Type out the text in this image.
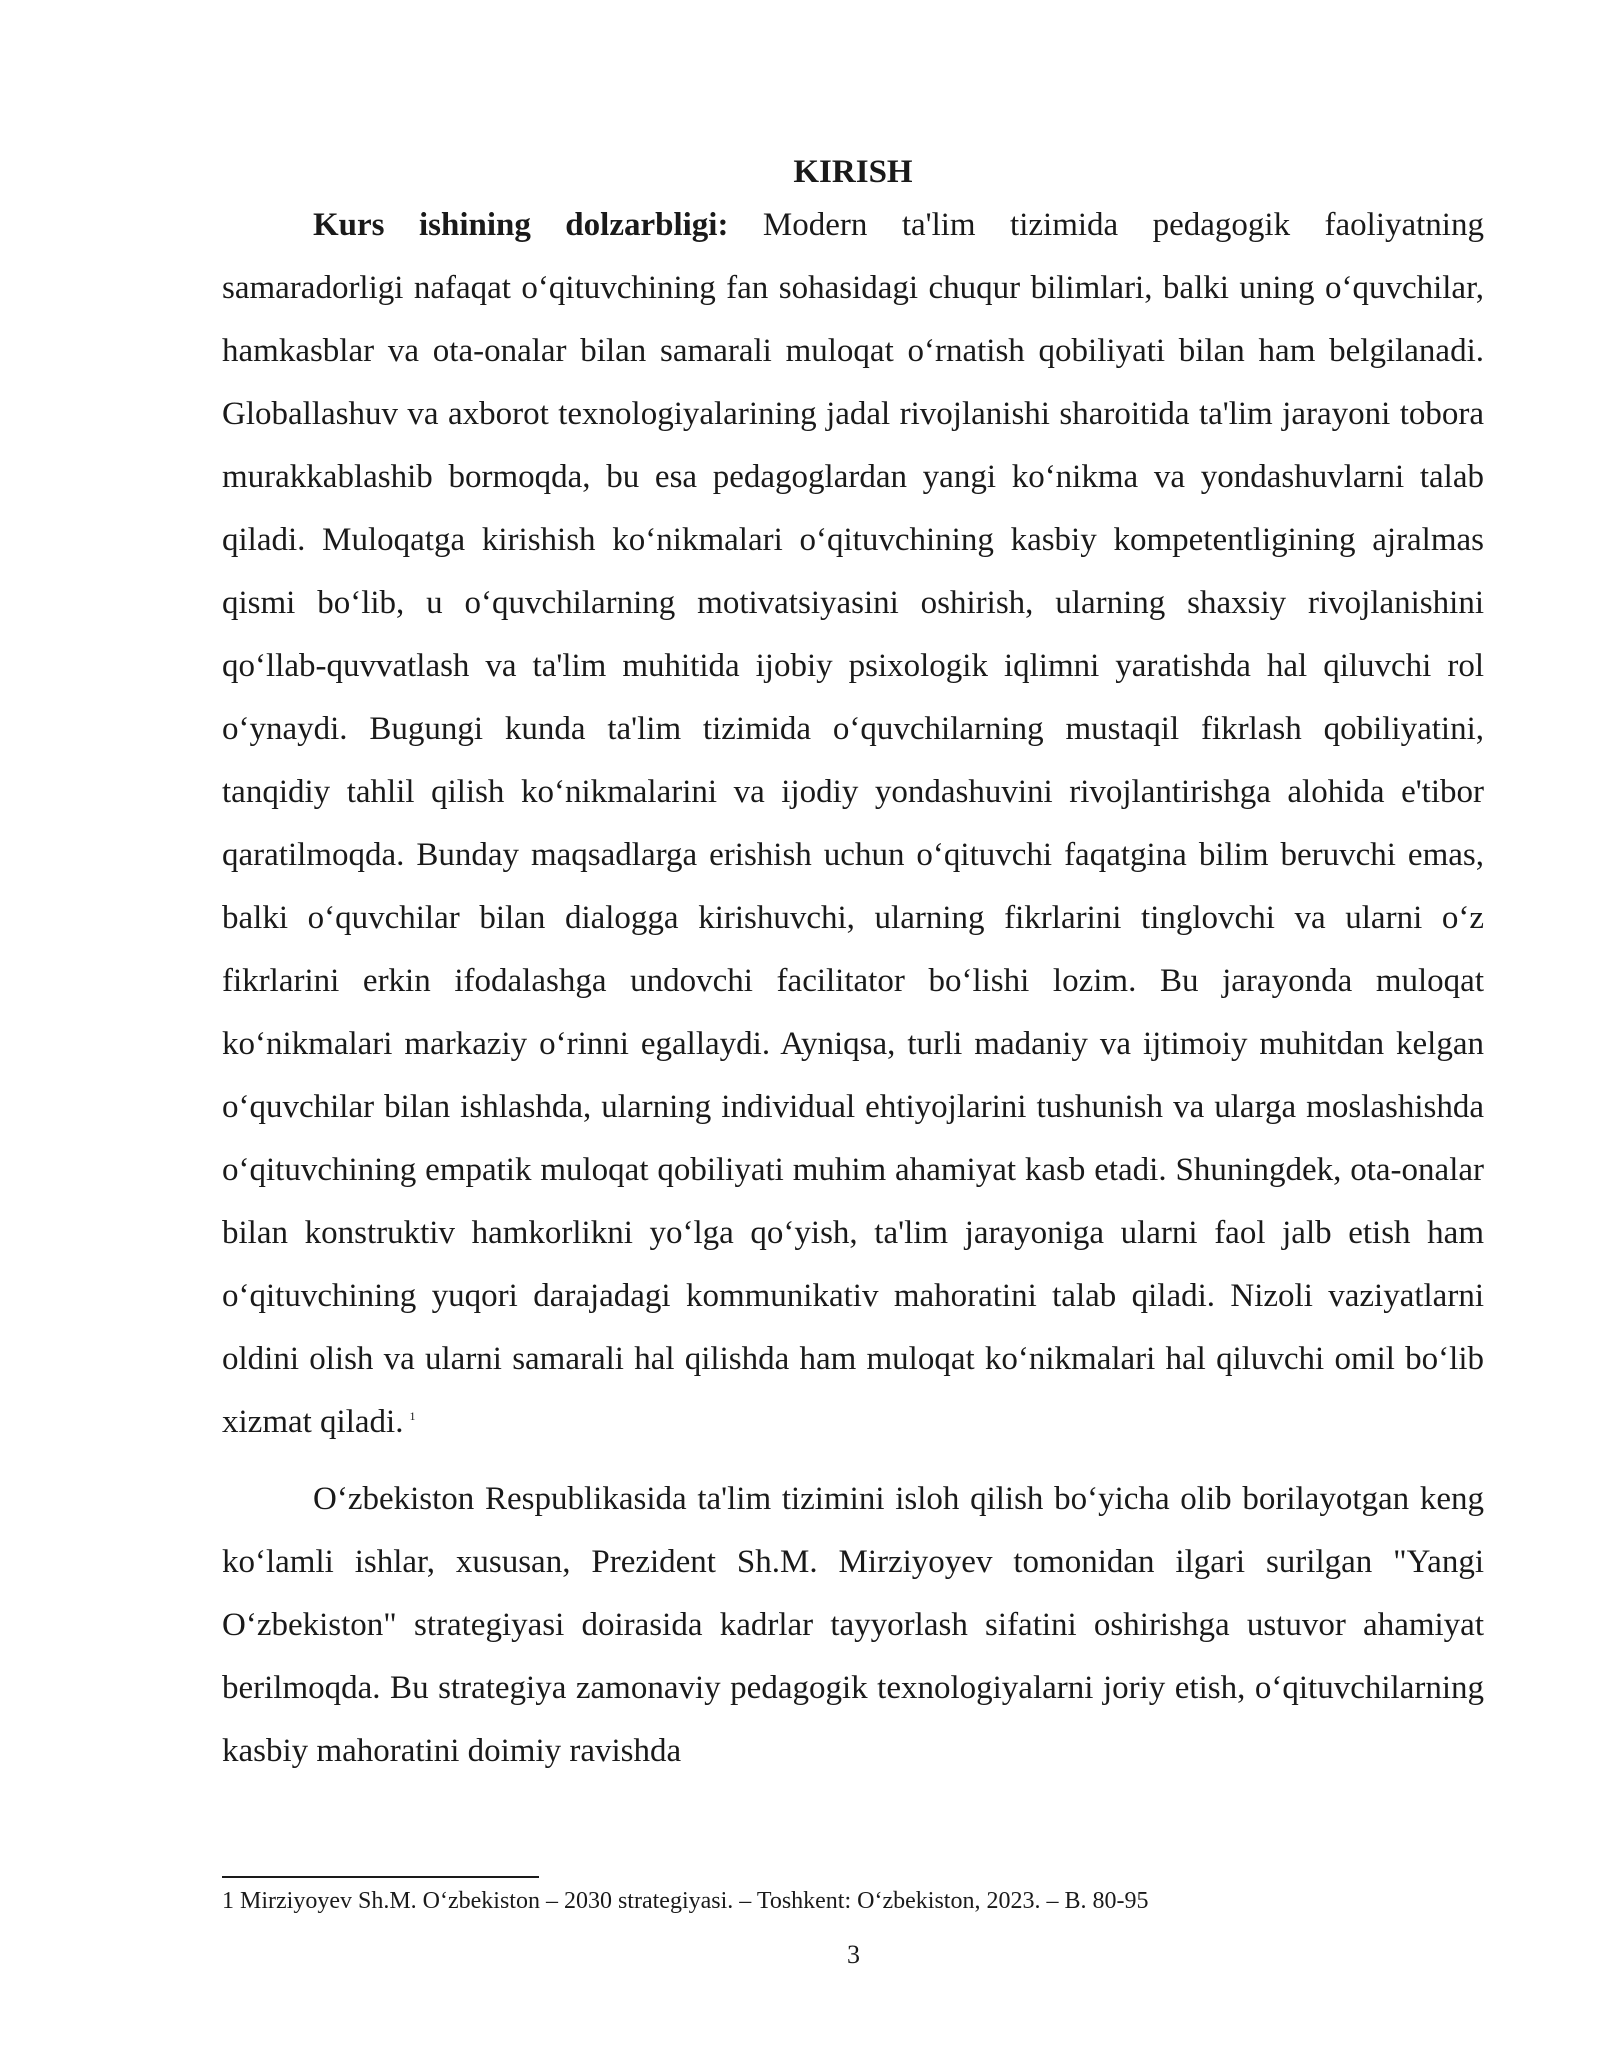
KIRISH

Kurs ishining dolzarbligi: Modern ta'lim tizimida pedagogik faoliyatning samaradorligi nafaqat o‘qituvchining fan sohasidagi chuqur bilimlari, balki uning o‘quvchilar, hamkasblar va ota-onalar bilan samarali muloqat o‘rnatish qobiliyati bilan ham belgilanadi. Globallashuv va axborot texnologiyalarining jadal rivojlanishi sharoitida ta'lim jarayoni tobora murakkablashib bormoqda, bu esa pedagoglardan yangi ko‘nikma va yondashuvlarni talab qiladi. Muloqatga kirishish ko‘nikmalari o‘qituvchining kasbiy kompetentligining ajralmas qismi bo‘lib, u o‘quvchilarning motivatsiyasini oshirish, ularning shaxsiy rivojlanishini qo‘llab-quvvatlash va ta'lim muhitida ijobiy psixologik iqlimni yaratishda hal qiluvchi rol o‘ynaydi. Bugungi kunda ta'lim tizimida o‘quvchilarning mustaqil fikrlash qobiliyatini, tanqidiy tahlil qilish ko‘nikmalarini va ijodiy yondashuvini rivojlantirishga alohida e'tibor qaratilmoqda. Bunday maqsadlarga erishish uchun o‘qituvchi faqatgina bilim beruvchi emas, balki o‘quvchilar bilan dialogga kirishuvchi, ularning fikrlarini tinglovchi va ularni o‘z fikrlarini erkin ifodalashga undovchi facilitator bo‘lishi lozim. Bu jarayonda muloqat ko‘nikmalari markaziy o‘rinni egallaydi. Ayniqsa, turli madaniy va ijtimoiy muhitdan kelgan o‘quvchilar bilan ishlashda, ularning individual ehtiyojlarini tushunish va ularga moslashishda o‘qituvchining empatik muloqat qobiliyati muhim ahamiyat kasb etadi. Shuningdek, ota-onalar bilan konstruktiv hamkorlikni yo‘lga qo‘yish, ta'lim jarayoniga ularni faol jalb etish ham o‘qituvchining yuqori darajadagi kommunikativ mahoratini talab qiladi. Nizoli vaziyatlarni oldini olish va ularni samarali hal qilishda ham muloqat ko‘nikmalari hal qiluvchi omil bo‘lib xizmat qiladi. $^1$

O‘zbekiston Respublikasida ta'lim tizimini isloh qilish bo‘yicha olib borilayotgan keng ko‘lamli ishlar, xususan, Prezident Sh.M. Mirziyoyev tomonidan ilgari surilgan "Yangi O‘zbekiston" strategiyasi doirasida kadrlar tayyorlash sifatini oshirishga ustuvor ahamiyat berilmoqda. Bu strategiya zamonaviy pedagogik texnologiyalarni joriy etish, o‘qituvchilarning kasbiy mahoratini doimiy ravishda

1 Mirziyoyev Sh.M. O‘zbekiston – 2030 strategiyasi. – Toshkent: O‘zbekiston, 2023. – B. 80-95
3
